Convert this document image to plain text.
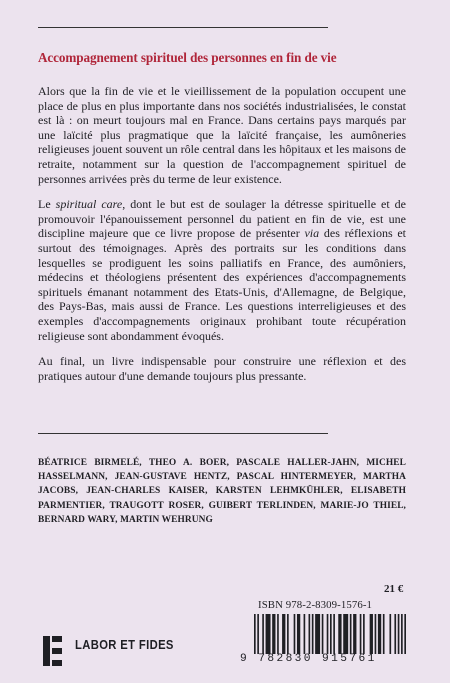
Accompagnement spirituel des personnes en fin de vie

Alors que la fin de vie et le vieillissement de la population occupent une place de plus en plus importante dans nos sociétés industrialisées, le constat est là : on meurt toujours mal en France. Dans certains pays marqués par une laïcité plus pragmatique que la laïcité française, les aumôneries religieuses jouent souvent un rôle central dans les hôpitaux et les maisons de retraite, notamment sur la question de l'accompagnement spirituel de personnes arrivées près du terme de leur existence.

Le spiritual care, dont le but est de soulager la détresse spirituelle et de promouvoir l'épanouissement personnel du patient en fin de vie, est une discipline majeure que ce livre propose de présenter via des réflexions et surtout des témoignages. Après des portraits sur les conditions dans lesquelles se prodiguent les soins palliatifs en France, des aumôniers, médecins et théologiens présentent des expériences d'accompagnements spirituels émanant notamment des Etats-Unis, d'Allemagne, de Belgique, des Pays-Bas, mais aussi de France. Les questions interreligieuses et des exemples d'accompagnements originaux prohibant toute récupération religieuse sont abondamment évoqués.

Au final, un livre indispensable pour construire une réflexion et des pratiques autour d'une demande toujours plus pressante.

BÉATRICE BIRMELÉ, THEO A. BOER, PASCALE HALLER-JAHN, MICHEL HASSELMANN, JEAN-GUSTAVE HENTZ, PASCAL HINTERMEYER, MARTHA JACOBS, JEAN-CHARLES KAISER, KARSTEN LEHMKÜHLER, ELISABETH PARMENTIER, TRAUGOTT ROSER, GUIBERT TERLINDEN, MARIE-JO THIEL, BERNARD WARY, MARTIN WEHRUNG
21 €
ISBN 978-2-8309-1576-1
9 782830 915761
LABOR ET FIDES
